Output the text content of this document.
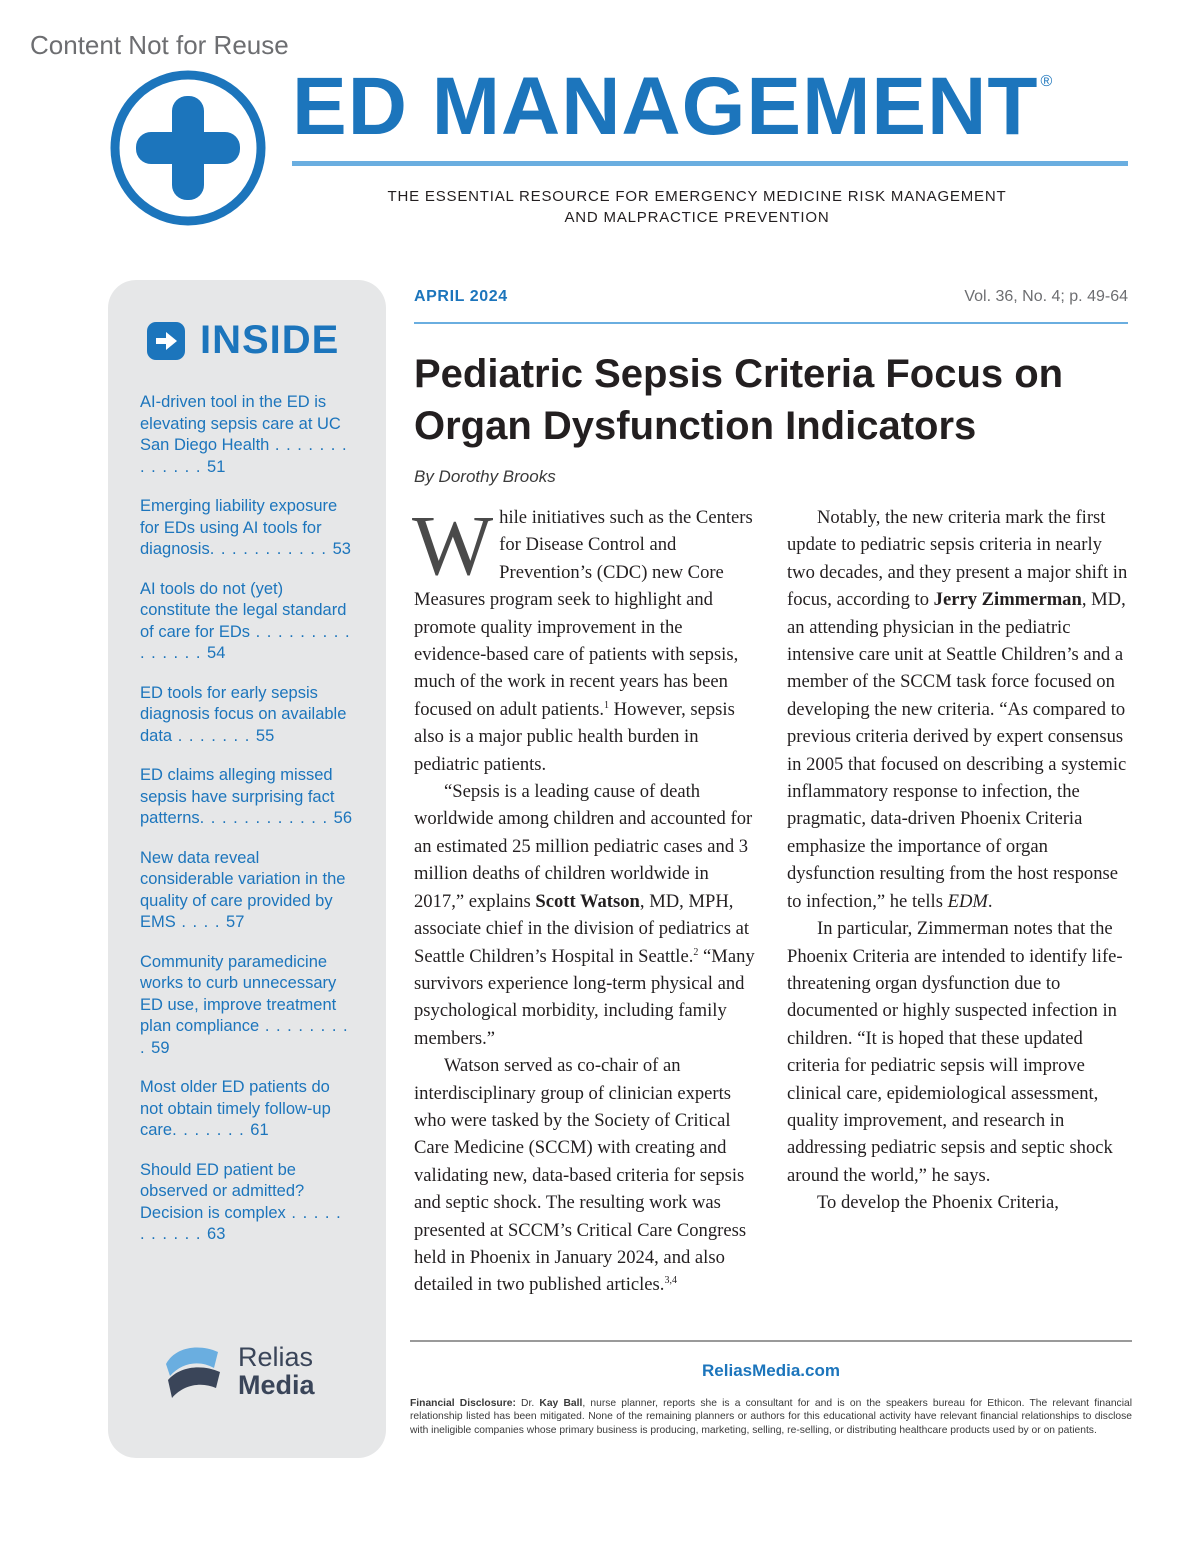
Content Not for Reuse
ED MANAGEMENT ®
THE ESSENTIAL RESOURCE FOR EMERGENCY MEDICINE RISK MANAGEMENT
AND MALPRACTICE PREVENTION
INSIDE
AI-driven tool in the ED is elevating sepsis care at UC San Diego Health . . . . . . . . . . . . . 51
Emerging liability exposure for EDs using AI tools for diagnosis. . . . . . . . . . . 53
AI tools do not (yet) constitute the legal standard of care for EDs . . . . . . . . . . . . . . . 54
ED tools for early sepsis diagnosis focus on available data . . . . . . . 55
ED claims alleging missed sepsis have surprising fact patterns. . . . . . . . . . . . 56
New data reveal considerable variation in the quality of care provided by EMS . . . . 57
Community paramedicine works to curb unnecessary ED use, improve treatment plan compliance . . . . . . . . . 59
Most older ED patients do not obtain timely follow-up care. . . . . . . 61
Should ED patient be observed or admitted? Decision is complex . . . . . . . . . . . 63
Relias
Media
APRIL 2024	Vol. 36, No. 4; p. 49-64
Pediatric Sepsis Criteria Focus on Organ Dysfunction Indicators
By Dorothy Brooks

While initiatives such as the Centers for Disease Control and Prevention’s (CDC) new Core Measures program seek to highlight and promote quality improvement in the evidence-based care of patients with sepsis, much of the work in recent years has been focused on adult patients.$^1$ However, sepsis also is a major public health burden in pediatric patients.

“Sepsis is a leading cause of death worldwide among children and accounted for an estimated 25 million pediatric cases and 3 million deaths of children worldwide in 2017,” explains Scott Watson, MD, MPH, associate chief in the division of pediatrics at Seattle Children’s Hospital in Seattle.$^2$ “Many survivors experience long-term physical and psychological morbidity, including family members.”

Watson served as co-chair of an interdisciplinary group of clinician experts who were tasked by the Society of Critical Care Medicine (SCCM) with creating and validating new, data-based criteria for sepsis and septic shock. The resulting work was presented at SCCM’s Critical Care Congress held in Phoenix in January 2024, and also detailed in two published articles.$^{3,4}$

Notably, the new criteria mark the first update to pediatric sepsis criteria in nearly two decades, and they present a major shift in focus, according to Jerry Zimmerman, MD, an attending physician in the pediatric intensive care unit at Seattle Children’s and a member of the SCCM task force focused on developing the new criteria. “As compared to previous criteria derived by expert consensus in 2005 that focused on describing a systemic inflammatory response to infection, the pragmatic, data-driven Phoenix Criteria emphasize the importance of organ dysfunction resulting from the host response to infection,” he tells EDM.

In particular, Zimmerman notes that the Phoenix Criteria are intended to identify life-threatening organ dysfunction due to documented or highly suspected infection in children. “It is hoped that these updated criteria for pediatric sepsis will improve clinical care, epidemiological assessment, quality improvement, and research in addressing pediatric sepsis and septic shock around the world,” he says.

To develop the Phoenix Criteria,

ReliasMedia.com
Financial Disclosure: Dr. Kay Ball, nurse planner, reports she is a consultant for and is on the speakers bureau for Ethicon. The relevant financial relationship listed has been mitigated. None of the remaining planners or authors for this educational activity have relevant financial relationships to disclose with ineligible companies whose primary business is producing, marketing, selling, re-selling, or distributing healthcare products used by or on patients.
